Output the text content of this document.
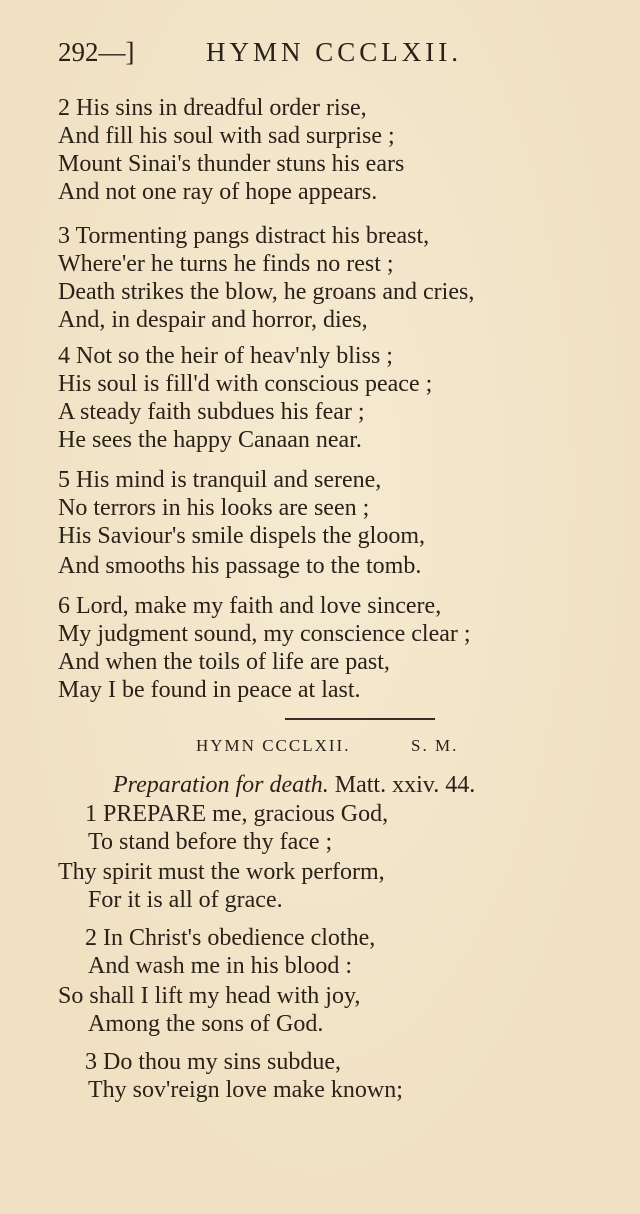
292—]	HYMN CCCLXII.
2 His sins in dreadful order rise,
And fill his soul with sad surprise ;
Mount Sinai's thunder stuns his ears
And not one ray of hope appears.
3 Tormenting pangs distract his breast,
Where'er he turns he finds no rest ;
Death strikes the blow, he groans and cries,
And, in despair and horror, dies,
4 Not so the heir of heav'nly bliss ;
His soul is fill'd with conscious peace ;
A steady faith subdues his fear ;
He sees the happy Canaan near.
5 His mind is tranquil and serene,
No terrors in his looks are seen ;
His Saviour's smile dispels the gloom,
And smooths his passage to the tomb.
6 Lord, make my faith and love sincere,
My judgment sound, my conscience clear ;
And when the toils of life are past,
May I be found in peace at last.
HYMN CCCLXII.	S. M.
Preparation for death. Matt. xxiv. 44.
1 PREPARE me, gracious God,
To stand before thy face ;
Thy spirit must the work perform,
For it is all of grace.
2 In Christ's obedience clothe,
And wash me in his blood :
So shall I lift my head with joy,
Among the sons of God.
3 Do thou my sins subdue,
Thy sov'reign love make known;
